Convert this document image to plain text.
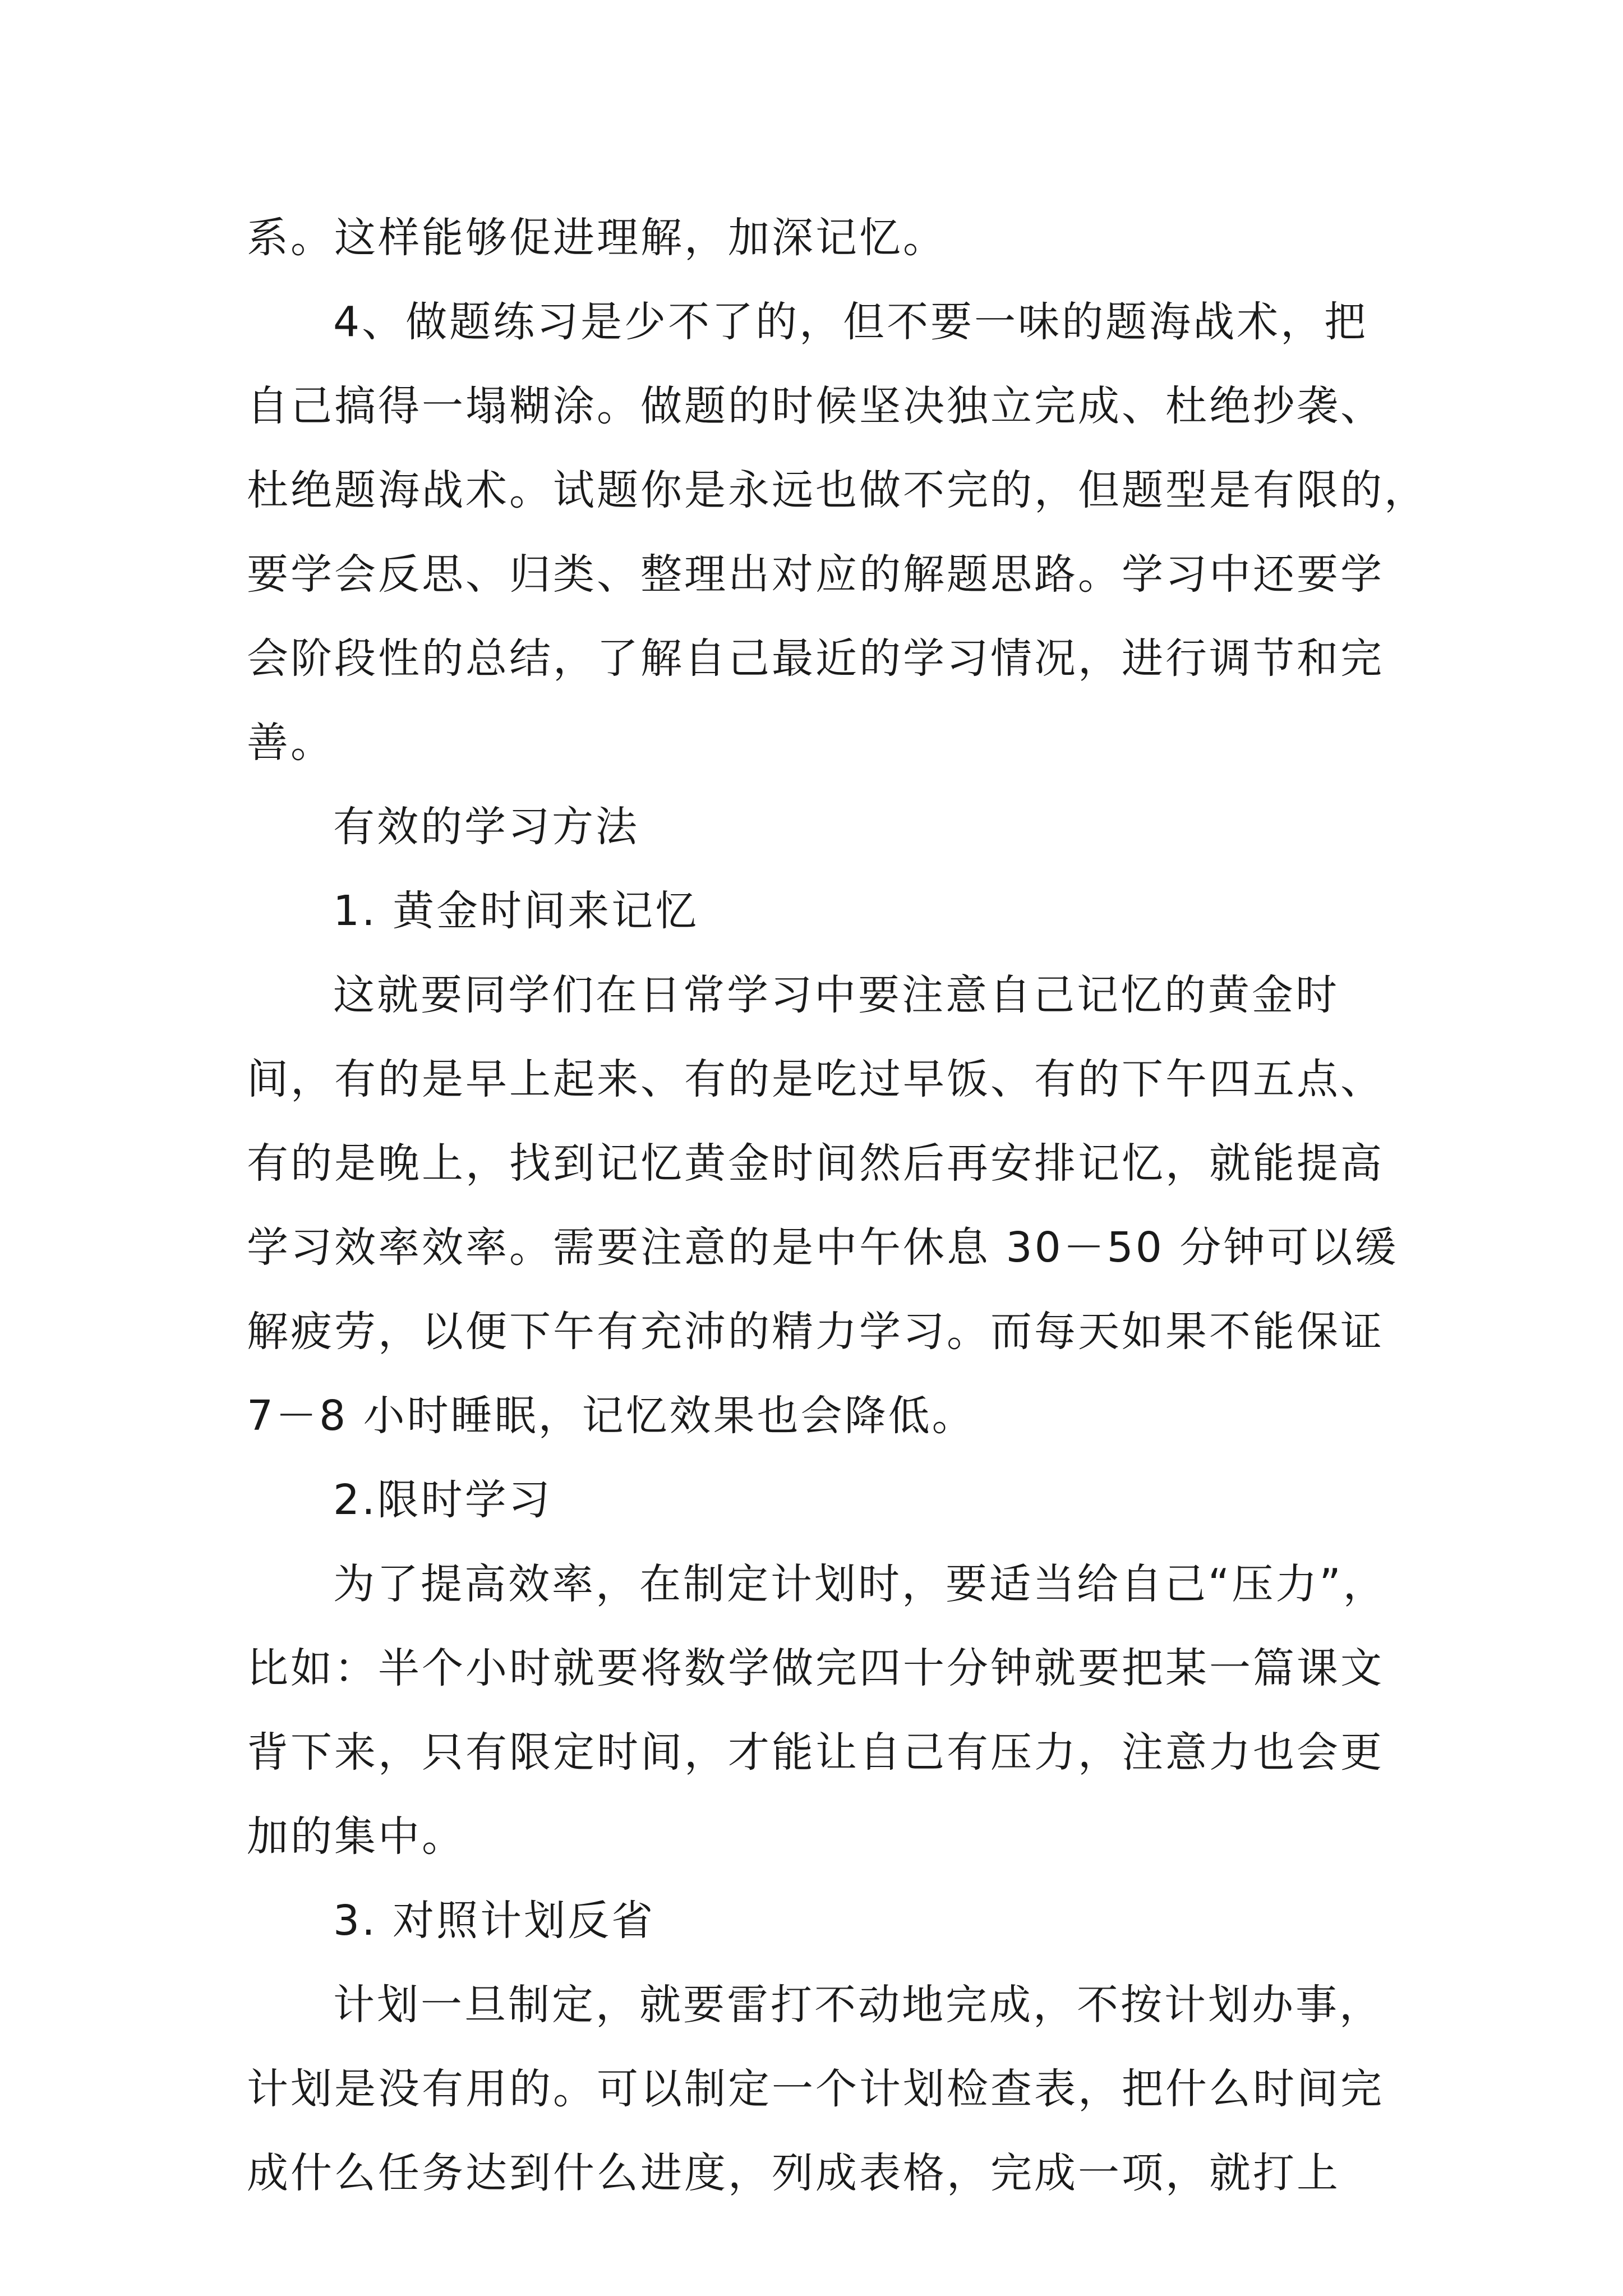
系。这样能够促进理解，加深记忆。
4、做题练习是少不了的，但不要一味的题海战术，把
自己搞得一塌糊涂。做题的时候坚决独立完成、杜绝抄袭、
杜绝题海战术。试题你是永远也做不完的，但题型是有限的，
要学会反思、归类、整理出对应的解题思路。学习中还要学
会阶段性的总结，了解自己最近的学习情况，进行调节和完
善。
有效的学习方法
1. 黄金时间来记忆
这就要同学们在日常学习中要注意自己记忆的黄金时
间，有的是早上起来、有的是吃过早饭、有的下午四五点、
有的是晚上，找到记忆黄金时间然后再安排记忆，就能提高
学习效率效率。需要注意的是中午休息 30－50 分钟可以缓
解疲劳，以便下午有充沛的精力学习。而每天如果不能保证
7－8 小时睡眠，记忆效果也会降低。
2.限时学习
为了提高效率，在制定计划时，要适当给自己“压力”，
比如：半个小时就要将数学做完四十分钟就要把某一篇课文
背下来，只有限定时间，才能让自己有压力，注意力也会更
加的集中。
3. 对照计划反省
计划一旦制定，就要雷打不动地完成，不按计划办事，
计划是没有用的。可以制定一个计划检查表，把什么时间完
成什么任务达到什么进度，列成表格，完成一项，就打上
